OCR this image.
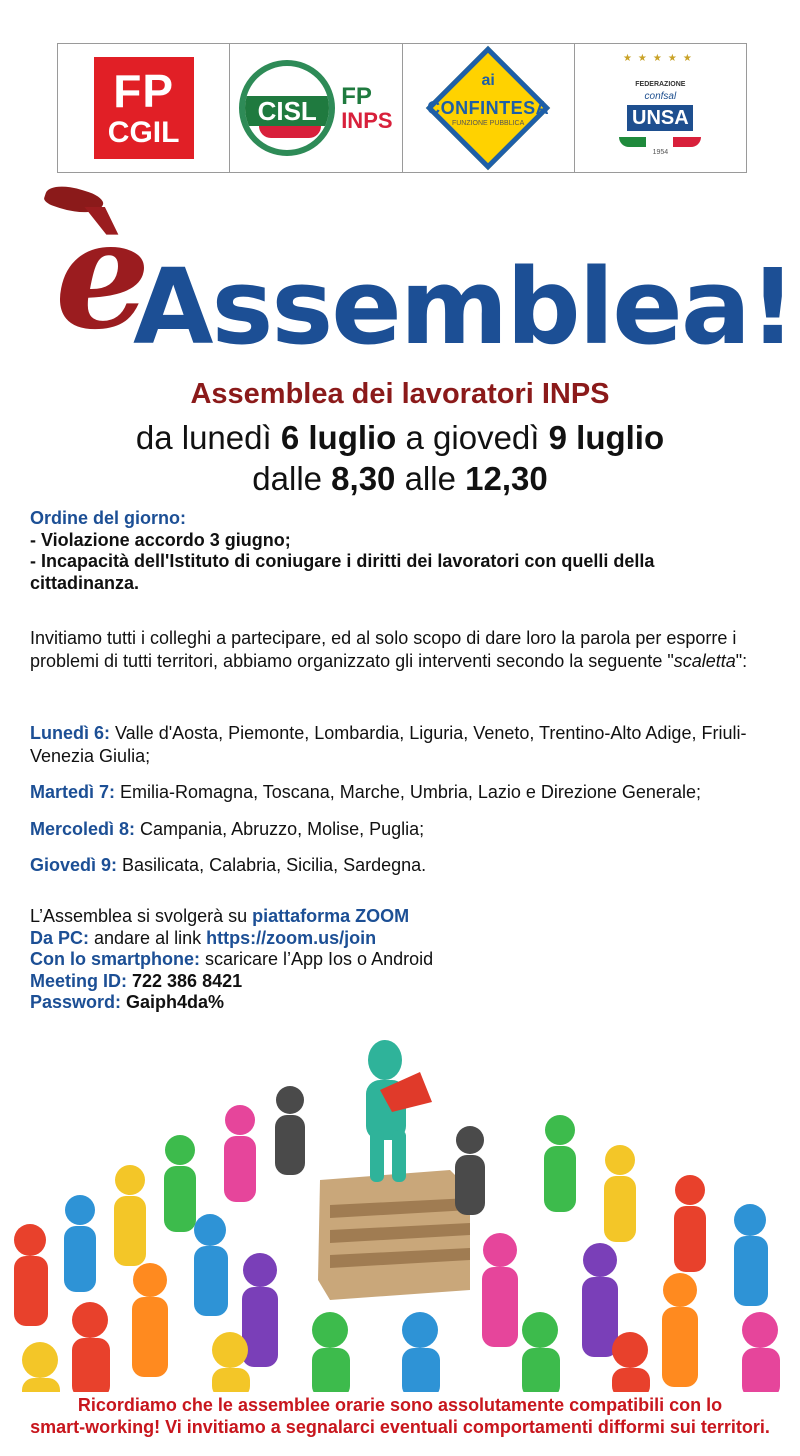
FP
CGIL
CISL	FP
INPS
ai
CONFINTESA
FUNZIONE PUBBLICA
★★★★★
FEDERAZIONE
confsal
UNSA
1954
è
Assemblea!
Assemblea dei lavoratori INPS
da lunedì 6 luglio a giovedì 9 luglio
dalle 8,30 alle 12,30
Ordine del giorno:
- Violazione accordo 3 giugno;
- Incapacità dell'Istituto di coniugare i diritti dei lavoratori con quelli della cittadinanza.
Invitiamo tutti i colleghi a partecipare, ed al solo scopo di dare loro la parola per esporre i problemi di tutti territori, abbiamo organizzato gli interventi secondo la seguente "scaletta":
Lunedì 6: Valle d'Aosta, Piemonte, Lombardia, Liguria, Veneto, Trentino-Alto Adige, Friuli-Venezia Giulia;
Martedì 7: Emilia-Romagna, Toscana, Marche, Umbria, Lazio e Direzione Generale;
Mercoledì 8: Campania, Abruzzo, Molise, Puglia;
Giovedì 9: Basilicata, Calabria, Sicilia, Sardegna.
L’Assemblea si svolgerà su piattaforma ZOOM
Da PC: andare al link https://zoom.us/join
Con lo smartphone: scaricare l’App Ios o Android
Meeting ID: 722 386 8421
Password: Gaiph4da%
Ricordiamo che le assemblee orarie sono assolutamente compatibili con lo
smart-working! Vi invitiamo a segnalarci eventuali comportamenti difformi sui territori.
